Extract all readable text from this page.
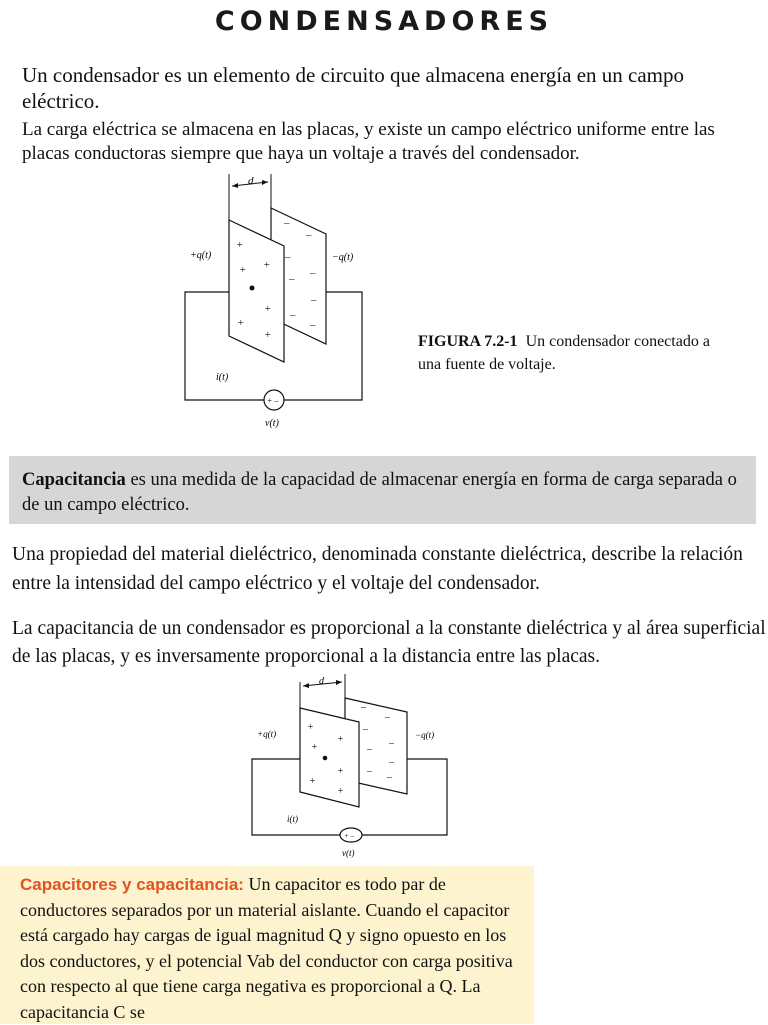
CONDENSADORES
Un condensador es un elemento de circuito que almacena energía en un campo eléctrico.
La carga eléctrica se almacena en las placas, y existe un campo eléctrico uniforme entre las placas conductoras siempre que haya un voltaje a través del condensador.
d
+
+
+
+
+
+
–
–
–
–
–
–
–
–
+ –
+q(t)	−q(t)
i(t)
v(t)
FIGURA 7.2-1 Un condensador conectado a una fuente de voltaje.
Capacitancia es una medida de la capacidad de almacenar energía en forma de carga separada o de un campo eléctrico.
Una propiedad del material dieléctrico, denominada constante dieléctrica, describe la relación entre la intensidad del campo eléctrico y el voltaje del condensador.
La capacitancia de un condensador es proporcional a la constante dieléctrica y al área superficial de las placas, y es inversamente proporcional a la distancia entre las placas.
d
+
+
+
+
+
+
–
–
–
–
–
–
–
–
+ –
+q(t)	−q(t)
i(t)
v(t)
Capacitores y capacitancia: Un capacitor es todo par de conductores separados por un material aislante. Cuando el capacitor está cargado hay cargas de igual magnitud Q y signo opuesto en los dos conductores, y el potencial Vab del conductor con carga positiva con respecto al que tiene carga negativa es proporcional a Q. La capacitancia C se
